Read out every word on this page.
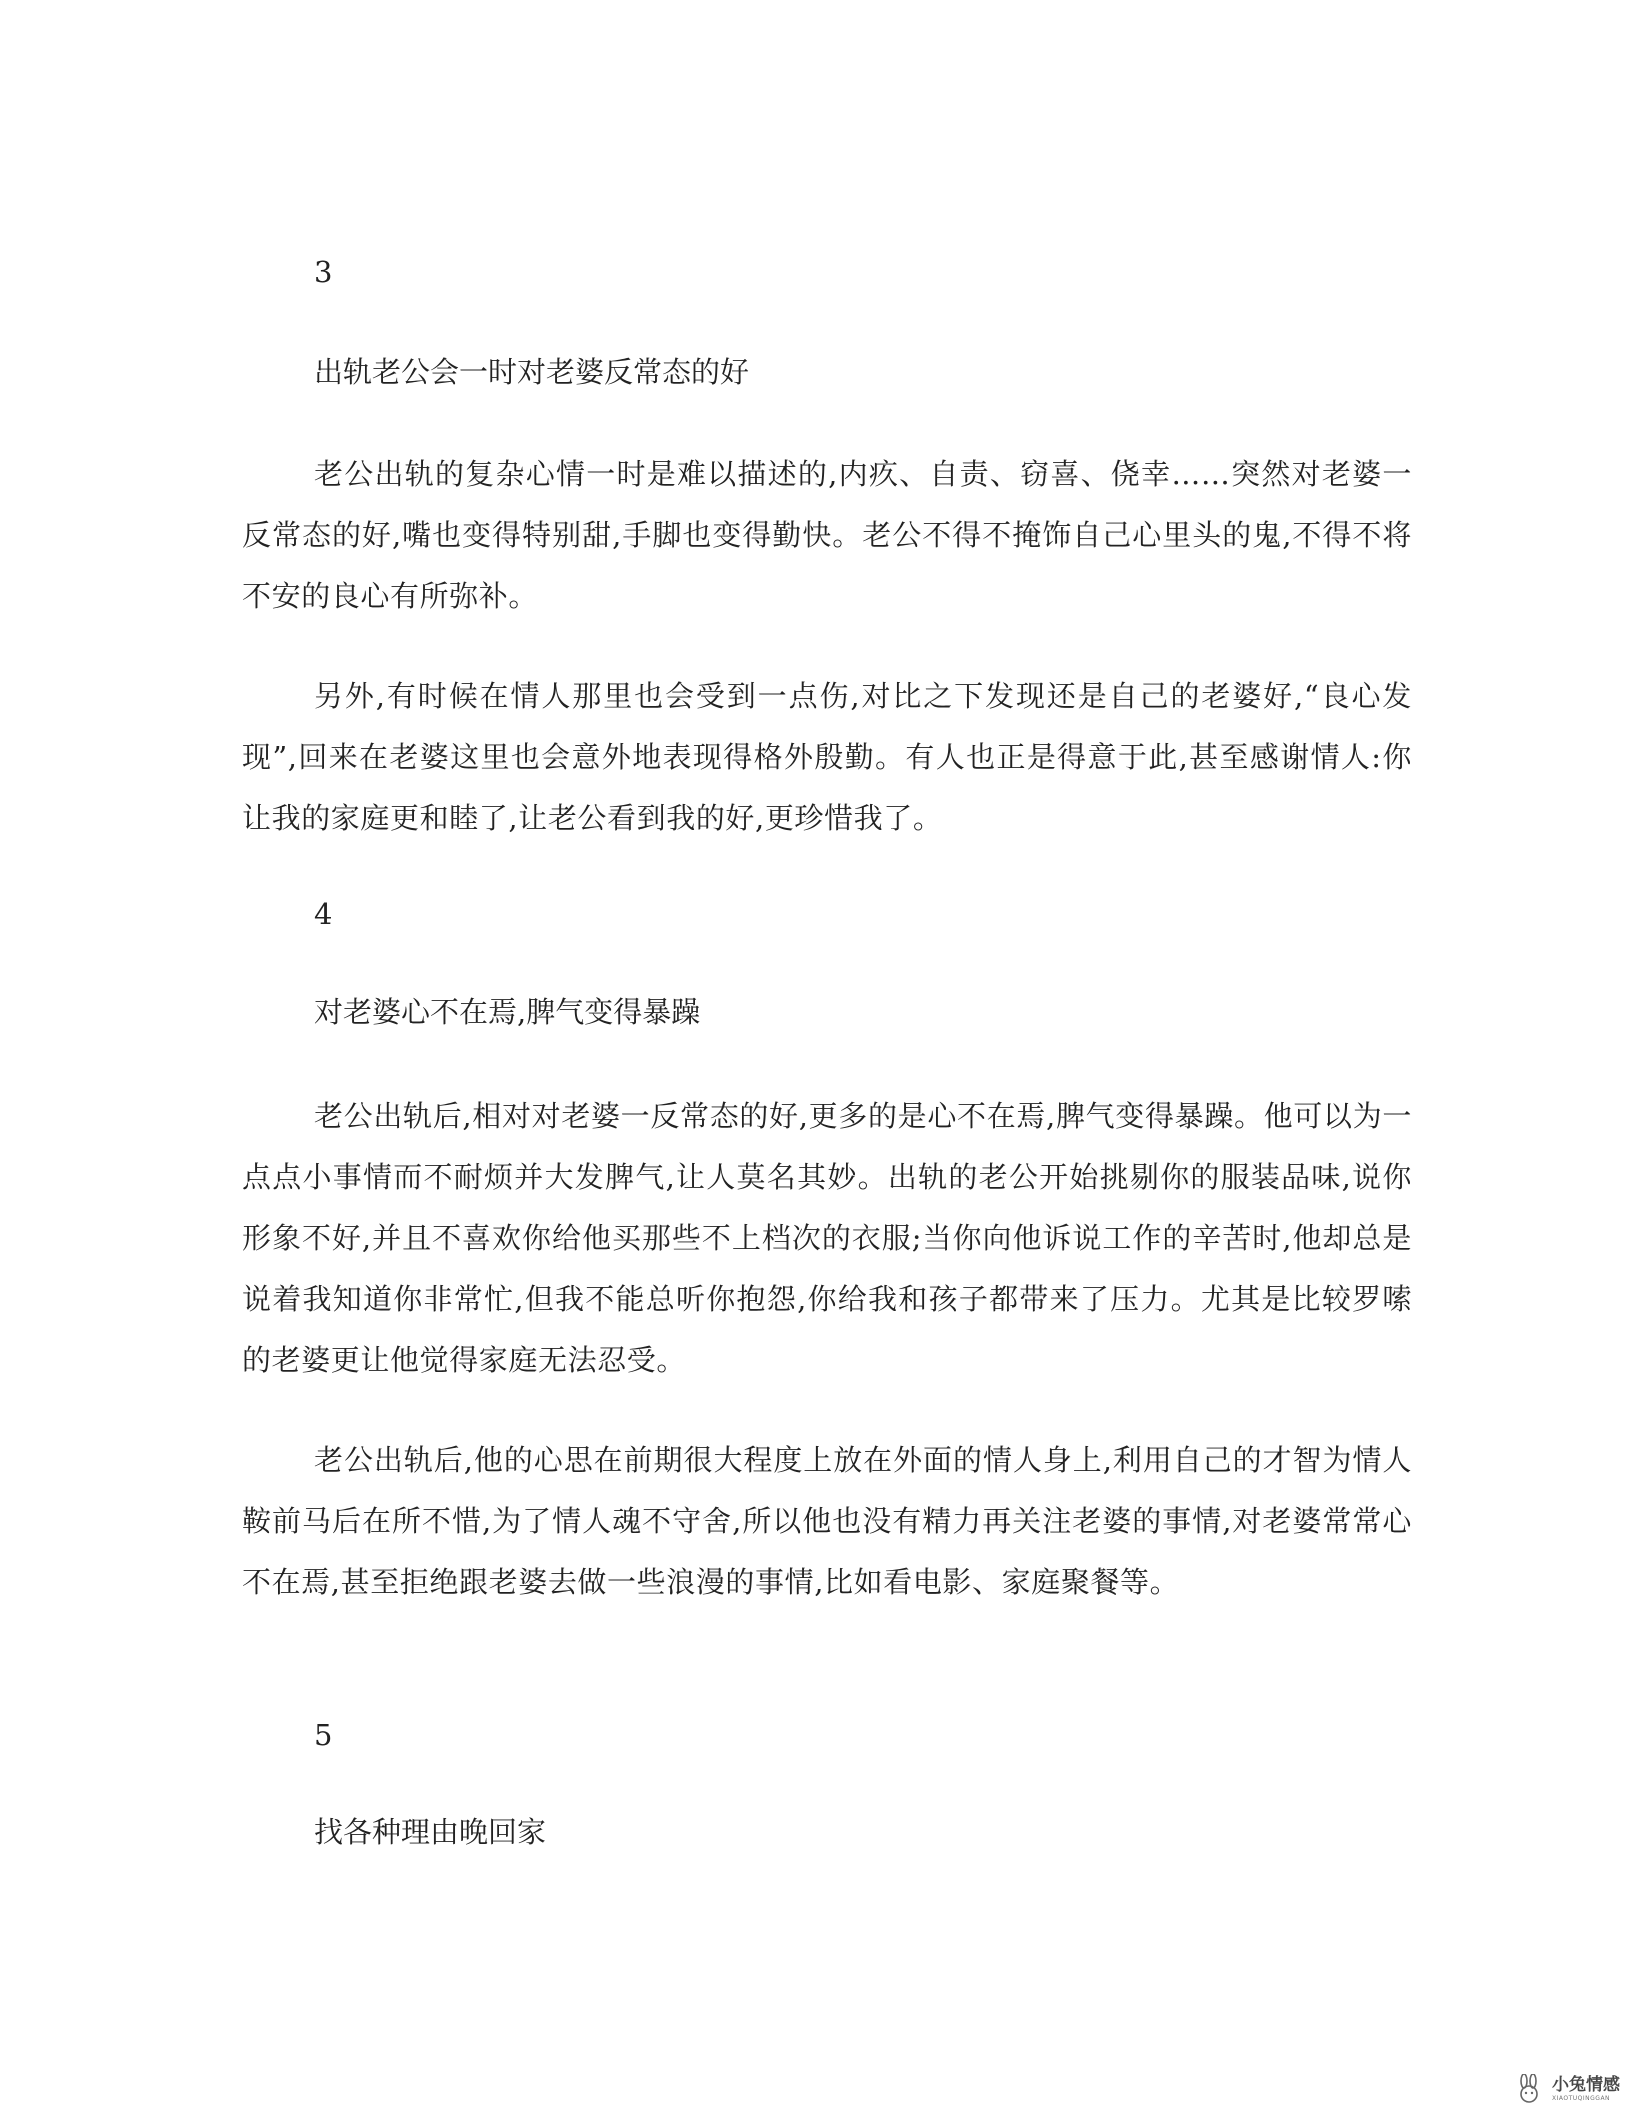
3

出轨老公会一时对老婆反常态的好

老公出轨的复杂心情一时是难以描述的,内疚、自责、窃喜、侥幸……突然对老婆一反常态的好,嘴也变得特别甜,手脚也变得勤快。老公不得不掩饰自己心里头的鬼,不得不将不安的良心有所弥补。

另外,有时候在情人那里也会受到一点伤,对比之下发现还是自己的老婆好,“良心发现”,回来在老婆这里也会意外地表现得格外殷勤。有人也正是得意于此,甚至感谢情人:你让我的家庭更和睦了,让老公看到我的好,更珍惜我了。

4

对老婆心不在焉,脾气变得暴躁

老公出轨后,相对对老婆一反常态的好,更多的是心不在焉,脾气变得暴躁。他可以为一点点小事情而不耐烦并大发脾气,让人莫名其妙。出轨的老公开始挑剔你的服装品味,说你形象不好,并且不喜欢你给他买那些不上档次的衣服;当你向他诉说工作的辛苦时,他却总是说着我知道你非常忙,但我不能总听你抱怨,你给我和孩子都带来了压力。尤其是比较罗嗦的老婆更让他觉得家庭无法忍受。

老公出轨后,他的心思在前期很大程度上放在外面的情人身上,利用自己的才智为情人鞍前马后在所不惜,为了情人魂不守舍,所以他也没有精力再关注老婆的事情,对老婆常常心不在焉,甚至拒绝跟老婆去做一些浪漫的事情,比如看电影、家庭聚餐等。

5

找各种理由晚回家

小兔情感
XIAOTUQINGGAN
